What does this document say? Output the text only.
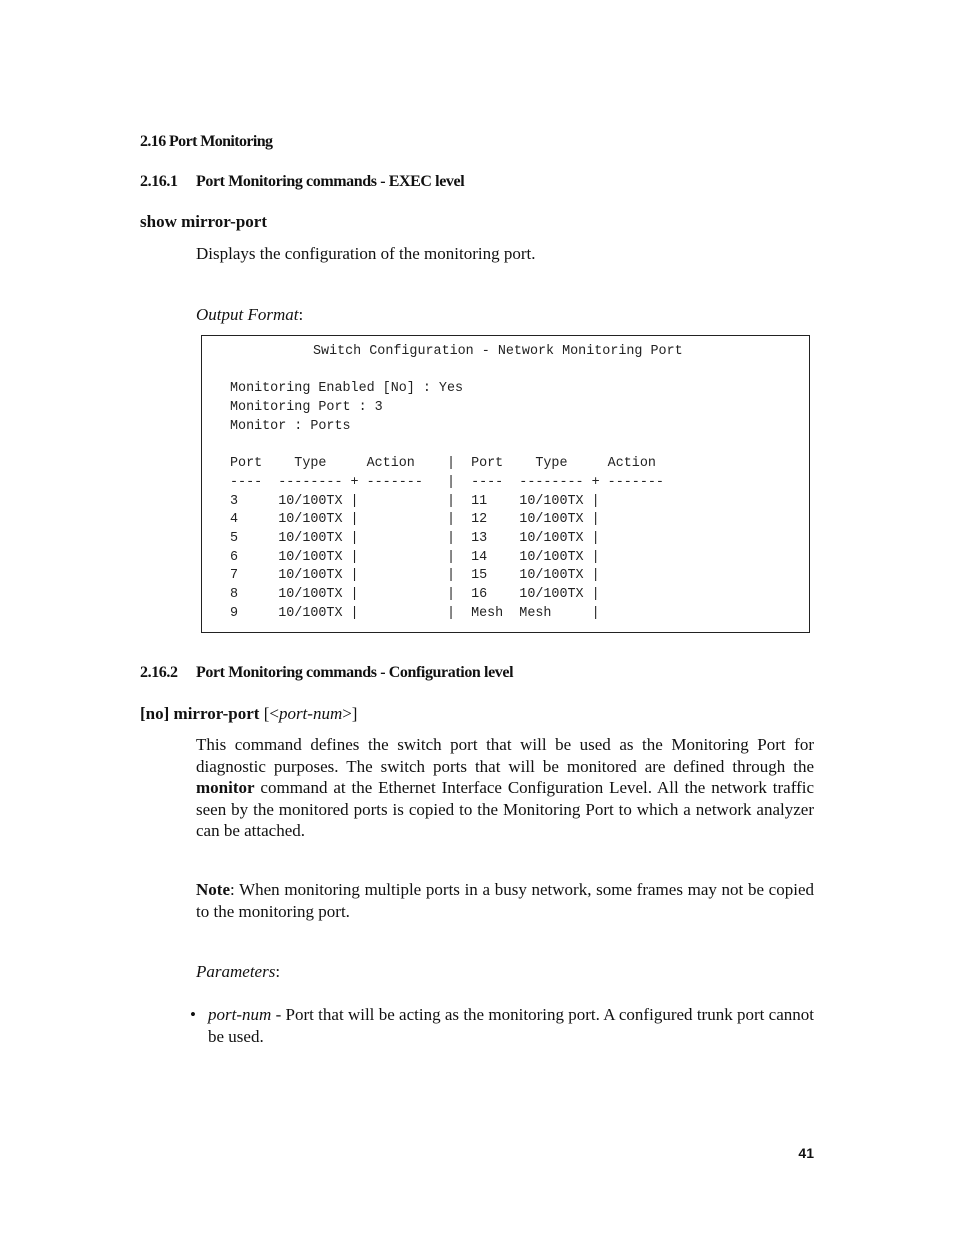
2.16 Port Monitoring
2.16.1 Port Monitoring commands - EXEC level
show mirror-port
Displays the configuration of the monitoring port.
Output Format:
Switch Configuration - Network Monitoring Port
Monitoring Enabled [No] : Yes
Monitoring Port : 3
Monitor : Ports
Port    Type     Action    |  Port    Type     Action
----  -------- + -------   |  ----  -------- + -------
3     10/100TX |           |  11    10/100TX |
4     10/100TX |           |  12    10/100TX |
5     10/100TX |           |  13    10/100TX |
6     10/100TX |           |  14    10/100TX |
7     10/100TX |           |  15    10/100TX |
8     10/100TX |           |  16    10/100TX |
9     10/100TX |           |  Mesh  Mesh     |
2.16.2 Port Monitoring commands - Configuration level
[no] mirror-port [<port-num>]
This command defines the switch port that will be used as the Monitoring Port for diagnostic purposes. The switch ports that will be monitored are defined through the monitor command at the Ethernet Interface Configuration Level. All the network traffic seen by the monitored ports is copied to the Monitoring Port to which a network analyzer can be attached.
Note: When monitoring multiple ports in a busy network, some frames may not be copied to the monitoring port.
Parameters:
• port-num - Port that will be acting as the monitoring port. A configured trunk port cannot be used.
41
